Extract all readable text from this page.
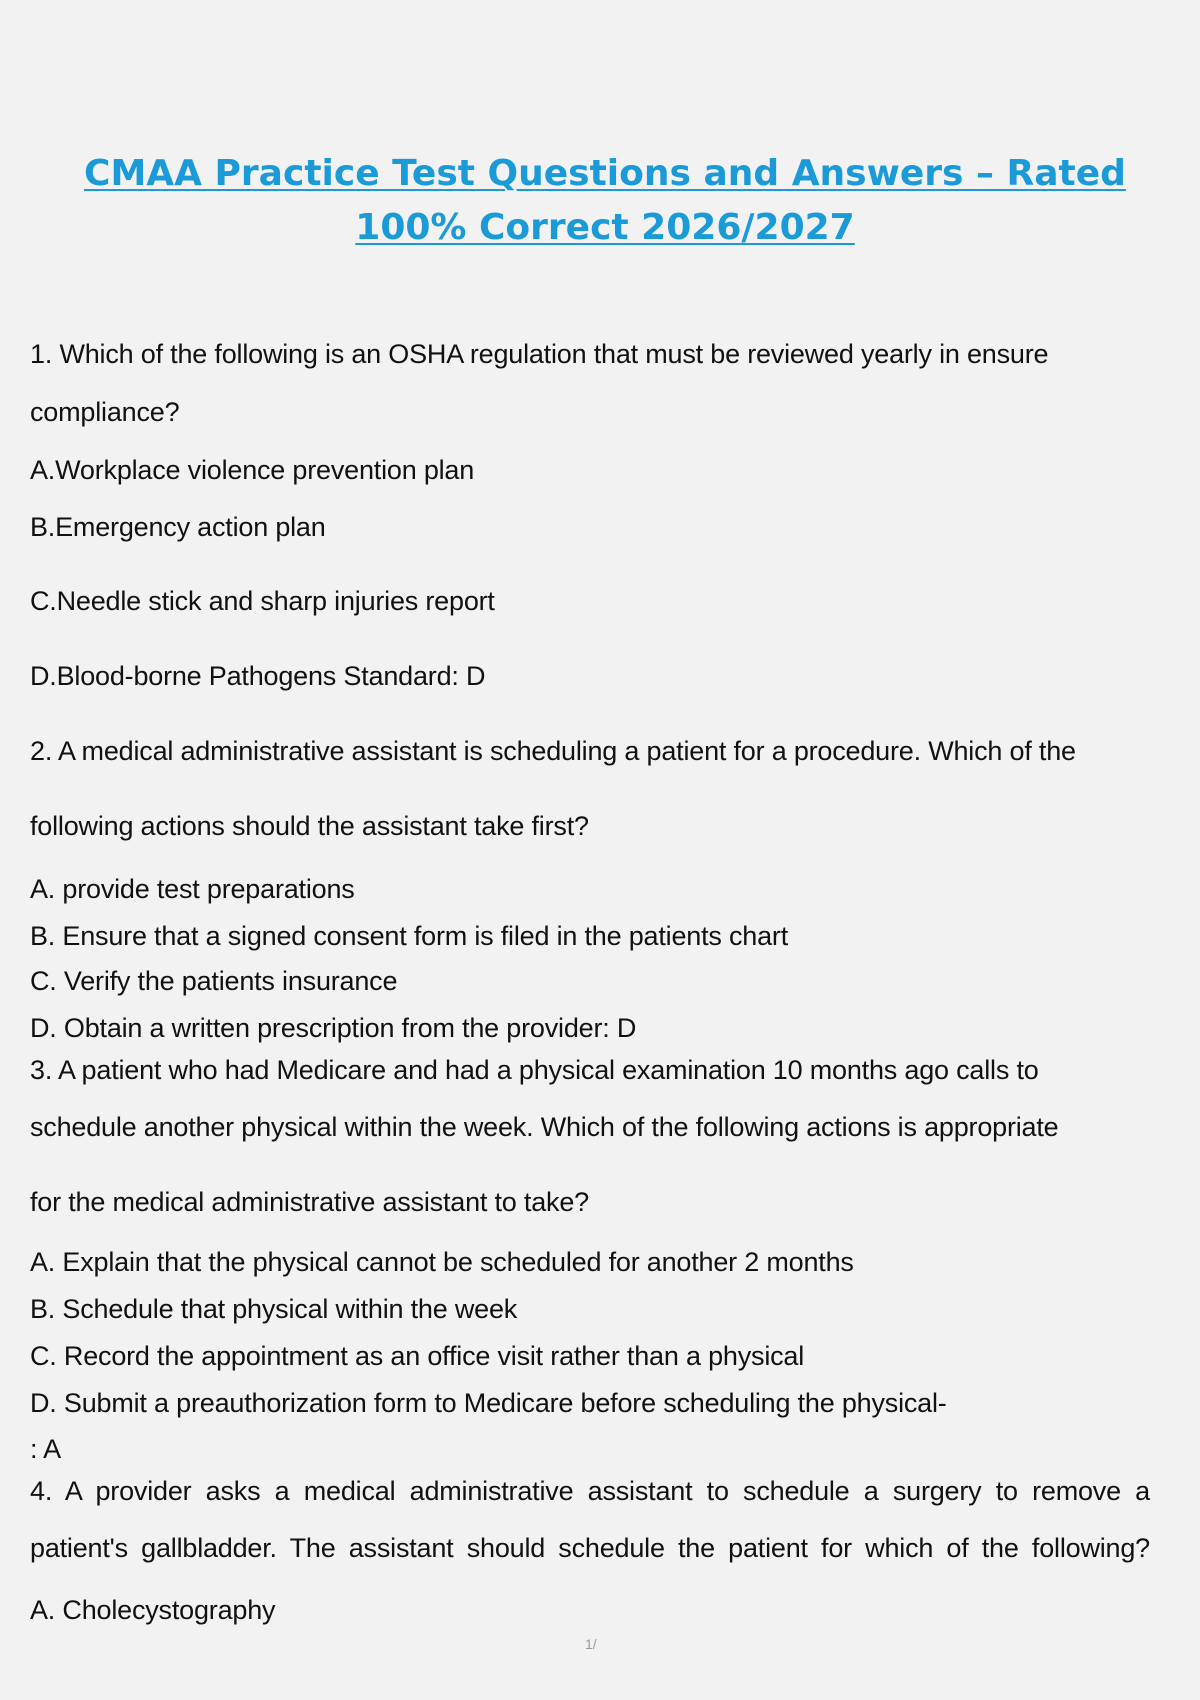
CMAA Practice Test Questions and Answers – Rated
100% Correct 2026/2027
1. Which of the following is an OSHA regulation that must be reviewed yearly in ensure
compliance?
A.Workplace violence prevention plan
B.Emergency action plan
C.Needle stick and sharp injuries report
D.Blood-borne Pathogens Standard: D
2. A medical administrative assistant is scheduling a patient for a procedure. Which of the
following actions should the assistant take first?
A. provide test preparations
B. Ensure that a signed consent form is filed in the patients chart
C. Verify the patients insurance
D. Obtain a written prescription from the provider: D
3. A patient who had Medicare and had a physical examination 10 months ago calls to
schedule another physical within the week. Which of the following actions is appropriate
for the medical administrative assistant to take?
A. Explain that the physical cannot be scheduled for another 2 months
B. Schedule that physical within the week
C. Record the appointment as an office visit rather than a physical
D. Submit a preauthorization form to Medicare before scheduling the physical-
: A
4. A provider asks a medical administrative assistant to schedule a surgery to remove a
patient's gallbladder. The assistant should schedule the patient for which of the following?
A. Cholecystography
1/
